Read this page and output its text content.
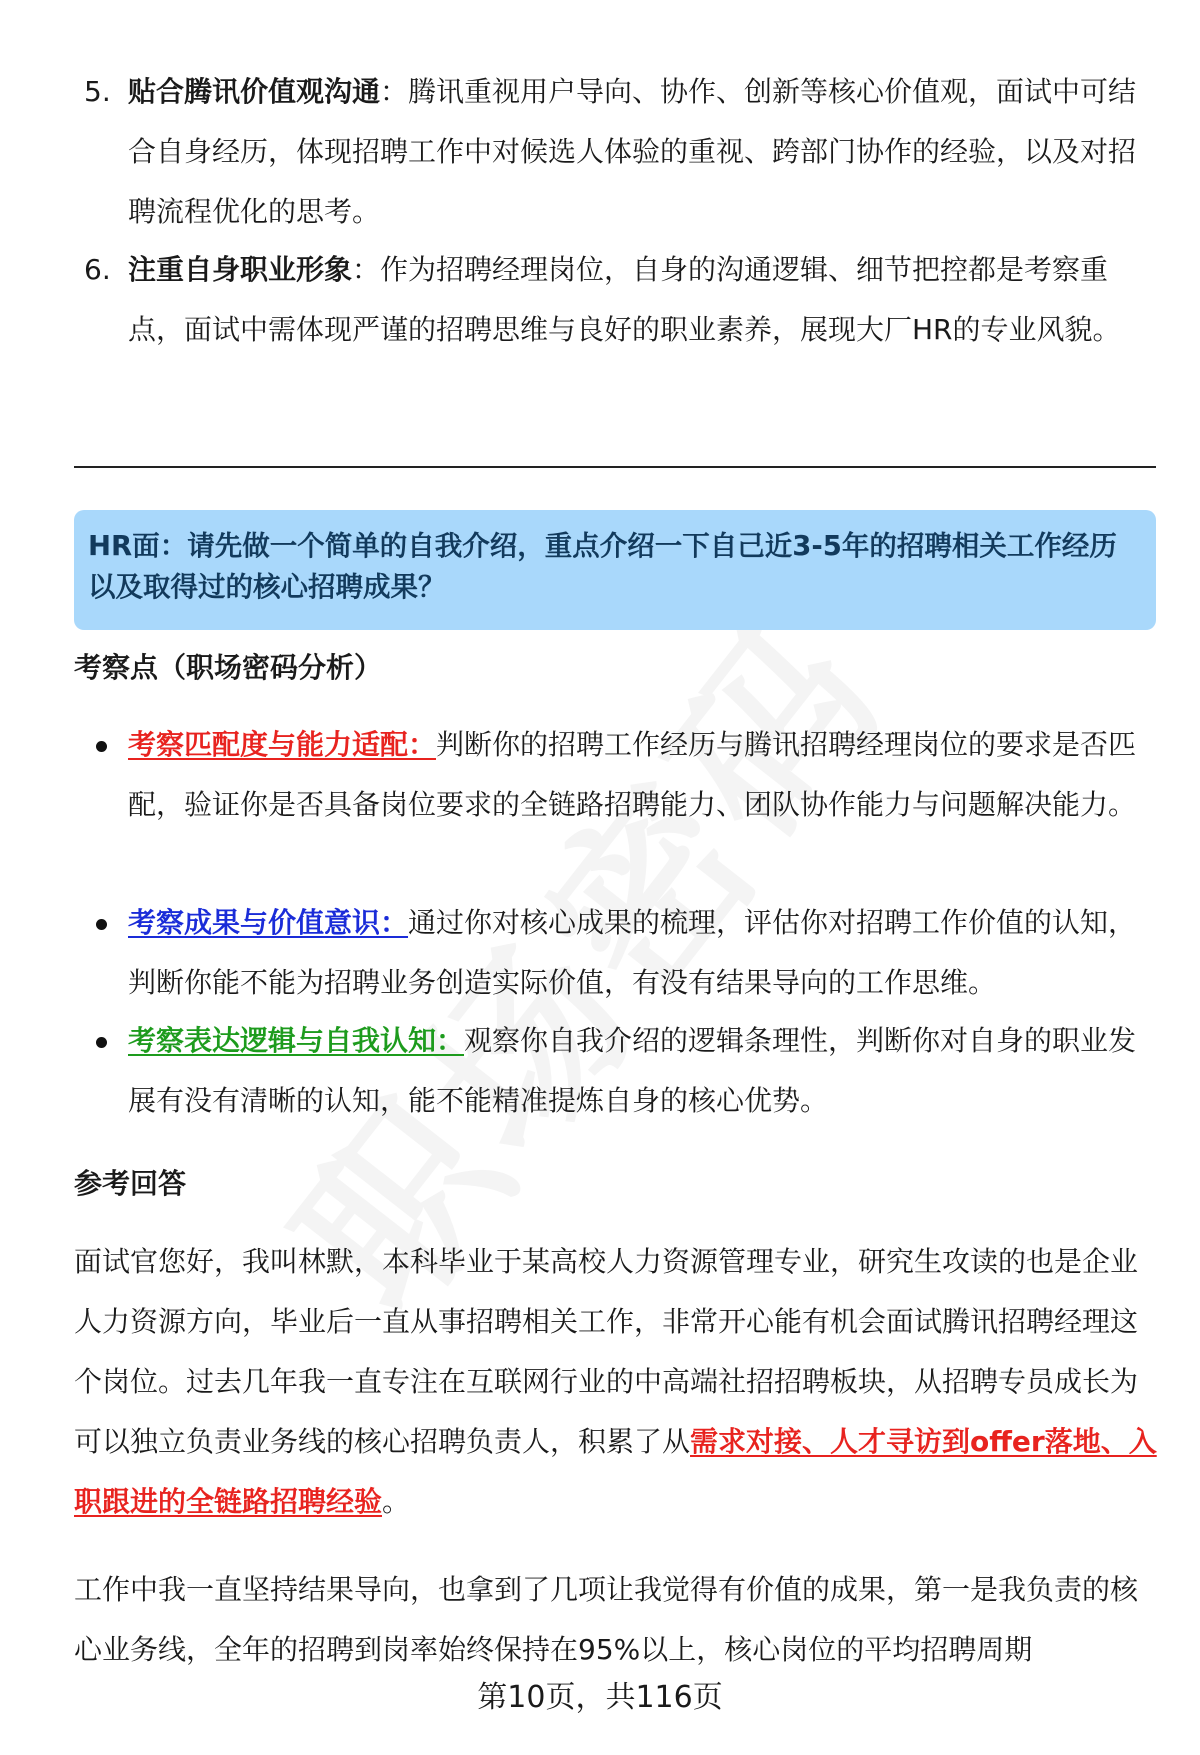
5. 贴合腾讯价值观沟通：腾讯重视用户导向、协作、创新等核心价值观，面试中可结合自身经历，体现招聘工作中对候选人体验的重视、跨部门协作的经验，以及对招聘流程优化的思考。
6. 注重自身职业形象：作为招聘经理岗位，自身的沟通逻辑、细节把控都是考察重点，面试中需体现严谨的招聘思维与良好的职业素养，展现大厂HR的专业风貌。
HR面：请先做一个简单的自我介绍，重点介绍一下自己近3-5年的招聘相关工作经历以及取得过的核心招聘成果？
考察点（职场密码分析）
考察匹配度与能力适配：判断你的招聘工作经历与腾讯招聘经理岗位的要求是否匹配，验证你是否具备岗位要求的全链路招聘能力、团队协作能力与问题解决能力。
考察成果与价值意识：通过你对核心成果的梳理，评估你对招聘工作价值的认知，判断你能不能为招聘业务创造实际价值，有没有结果导向的工作思维。
考察表达逻辑与自我认知：观察你自我介绍的逻辑条理性，判断你对自身的职业发展有没有清晰的认知，能不能精准提炼自身的核心优势。
参考回答

面试官您好，我叫林默，本科毕业于某高校人力资源管理专业，研究生攻读的也是企业人力资源方向，毕业后一直从事招聘相关工作，非常开心能有机会面试腾讯招聘经理这个岗位。过去几年我一直专注在互联网行业的中高端社招招聘板块，从招聘专员成长为可以独立负责业务线的核心招聘负责人，积累了从需求对接、人才寻访到offer落地、入职跟进的全链路招聘经验。

工作中我一直坚持结果导向，也拿到了几项让我觉得有价值的成果，第一是我负责的核心业务线，全年的招聘到岗率始终保持在95%以上，核心岗位的平均招聘周期

第10页，共116页
